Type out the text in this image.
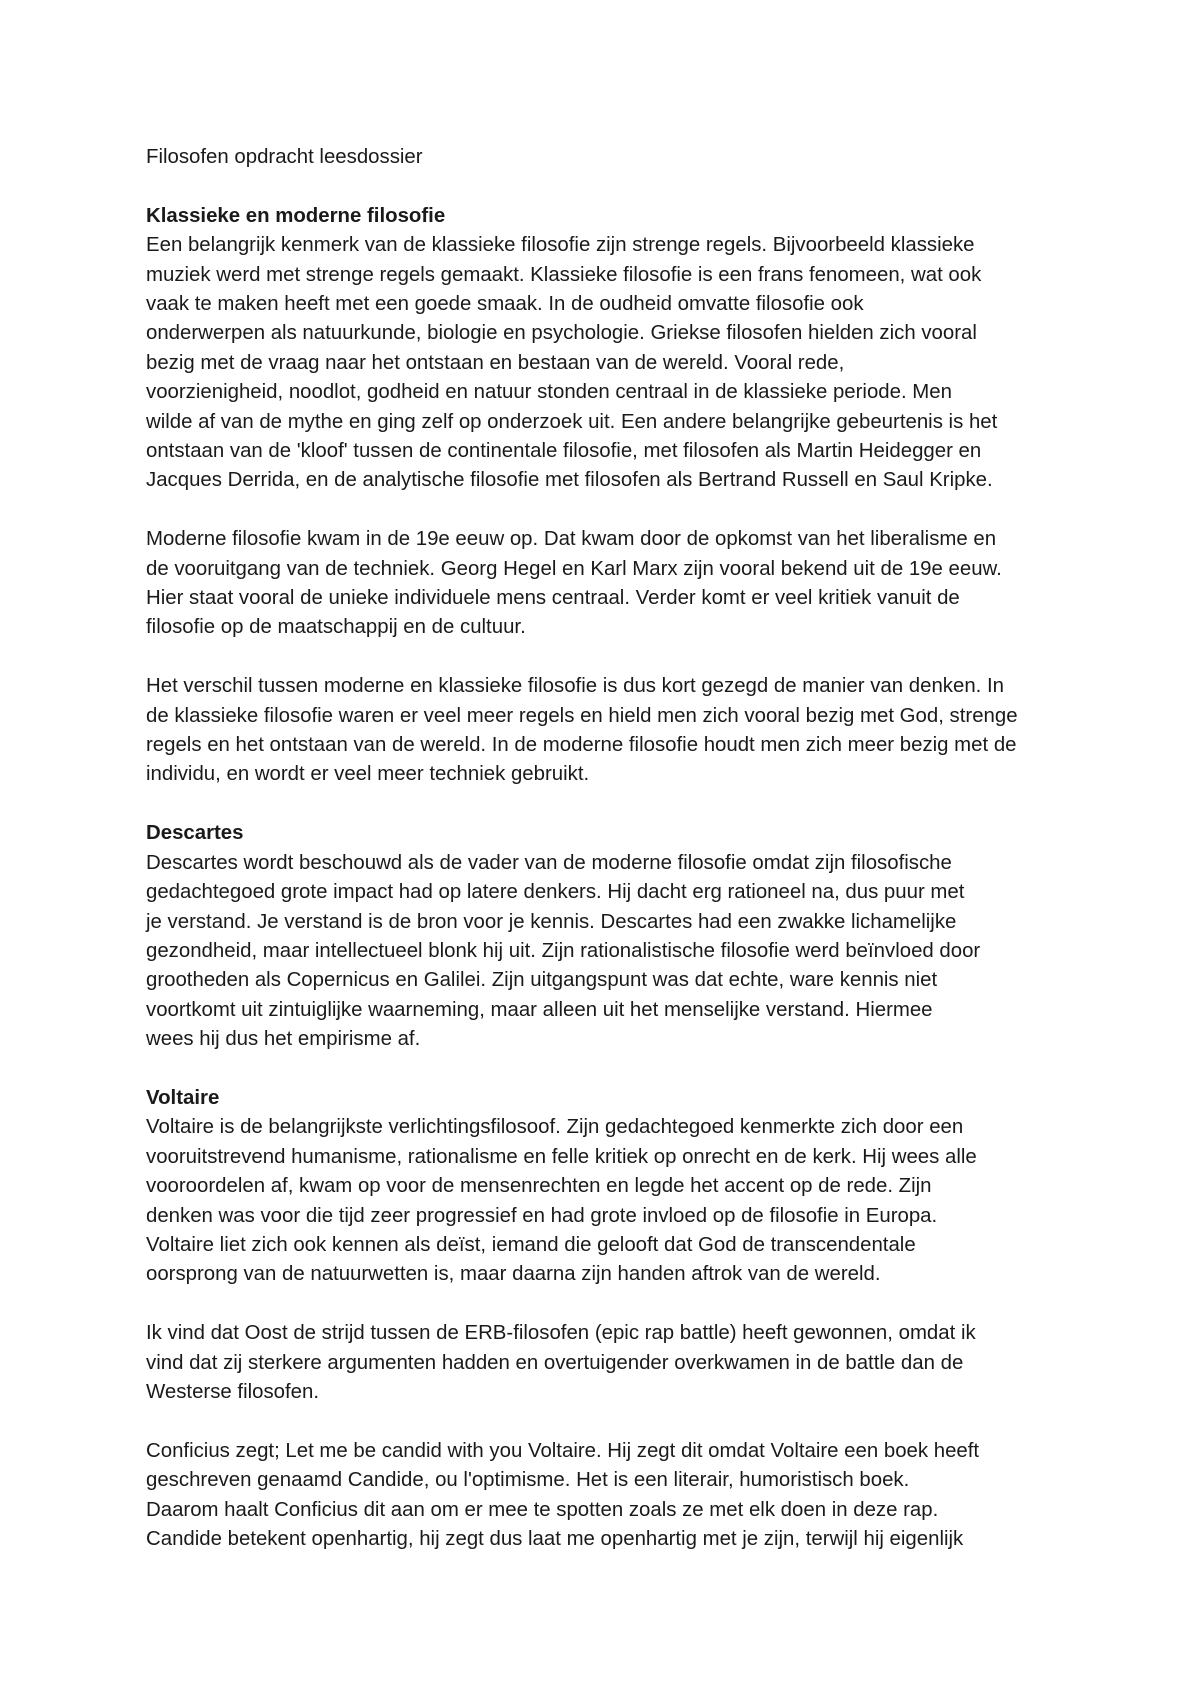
Filosofen opdracht leesdossier

Klassieke en moderne filosofie

Een belangrijk kenmerk van de klassieke filosofie zijn strenge regels. Bijvoorbeeld klassieke
muziek werd met strenge regels gemaakt. Klassieke filosofie is een frans fenomeen, wat ook
vaak te maken heeft met een goede smaak. In de oudheid omvatte filosofie ook
onderwerpen als natuurkunde, biologie en psychologie. Griekse filosofen hielden zich vooral
bezig met de vraag naar het ontstaan en bestaan van de wereld. Vooral rede,
voorzienigheid, noodlot, godheid en natuur stonden centraal in de klassieke periode. Men
wilde af van de mythe en ging zelf op onderzoek uit. Een andere belangrijke gebeurtenis is het
ontstaan van de 'kloof' tussen de continentale filosofie, met filosofen als Martin Heidegger en
Jacques Derrida, en de analytische filosofie met filosofen als Bertrand Russell en Saul Kripke.
Moderne filosofie kwam in de 19e eeuw op. Dat kwam door de opkomst van het liberalisme en
de vooruitgang van de techniek. Georg Hegel en Karl Marx zijn vooral bekend uit de 19e eeuw.
Hier staat vooral de unieke individuele mens centraal. Verder komt er veel kritiek vanuit de
filosofie op de maatschappij en de cultuur.
Het verschil tussen moderne en klassieke filosofie is dus kort gezegd de manier van denken. In
de klassieke filosofie waren er veel meer regels en hield men zich vooral bezig met God, strenge
regels en het ontstaan van de wereld. In de moderne filosofie houdt men zich meer bezig met de
individu, en wordt er veel meer techniek gebruikt.

Descartes

Descartes wordt beschouwd als de vader van de moderne filosofie omdat zijn filosofische
gedachtegoed grote impact had op latere denkers. Hij dacht erg rationeel na, dus puur met
je verstand. Je verstand is de bron voor je kennis. Descartes had een zwakke lichamelijke
gezondheid, maar intellectueel blonk hij uit. Zijn rationalistische filosofie werd beïnvloed door
grootheden als Copernicus en Galilei. Zijn uitgangspunt was dat echte, ware kennis niet
voortkomt uit zintuiglijke waarneming, maar alleen uit het menselijke verstand. Hiermee
wees hij dus het empirisme af.

Voltaire

Voltaire is de belangrijkste verlichtingsfilosoof. Zijn gedachtegoed kenmerkte zich door een
vooruitstrevend humanisme, rationalisme en felle kritiek op onrecht en de kerk. Hij wees alle
vooroordelen af, kwam op voor de mensenrechten en legde het accent op de rede. Zijn
denken was voor die tijd zeer progressief en had grote invloed op de filosofie in Europa.
Voltaire liet zich ook kennen als deïst, iemand die gelooft dat God de transcendentale
oorsprong van de natuurwetten is, maar daarna zijn handen aftrok van de wereld.
Ik vind dat Oost de strijd tussen de ERB-filosofen (epic rap battle) heeft gewonnen, omdat ik
vind dat zij sterkere argumenten hadden en overtuigender overkwamen in de battle dan de
Westerse filosofen.
Conficius zegt; Let me be candid with you Voltaire. Hij zegt dit omdat Voltaire een boek heeft
geschreven genaamd Candide, ou l'optimisme. Het is een literair, humoristisch boek.
Daarom haalt Conficius dit aan om er mee te spotten zoals ze met elk doen in deze rap.
Candide betekent openhartig, hij zegt dus laat me openhartig met je zijn, terwijl hij eigenlijk
